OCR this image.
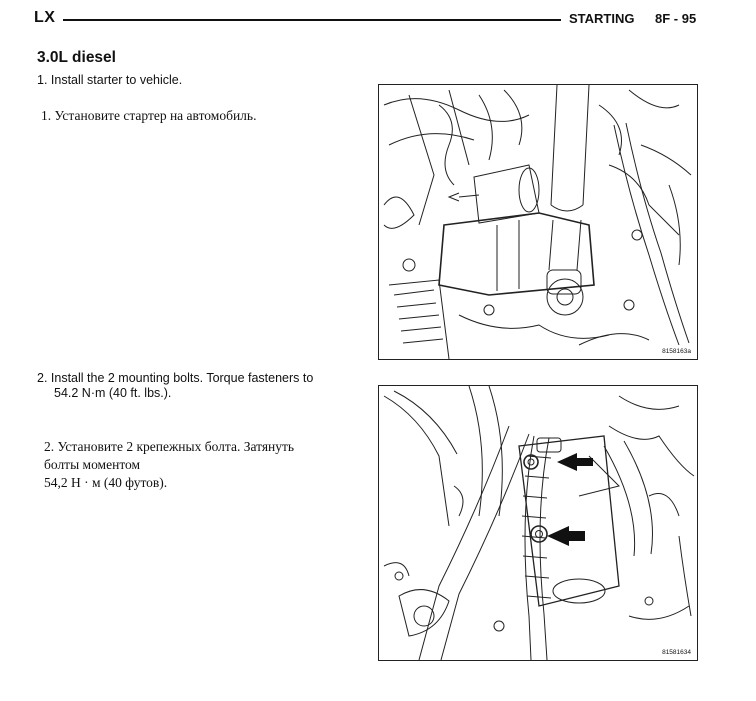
LX	STARTING 8F - 95
3.0L diesel
1. Install starter to vehicle.
1. Установите стартер на автомобиль.
2. Install the 2 mounting bolts. Torque fasteners to
54.2 N·m (40 ft. lbs.).
2. Установите 2 крепежных болта. Затянуть
болты моментом
54,2 Н · м (40 футов).
8158163a
81581634
